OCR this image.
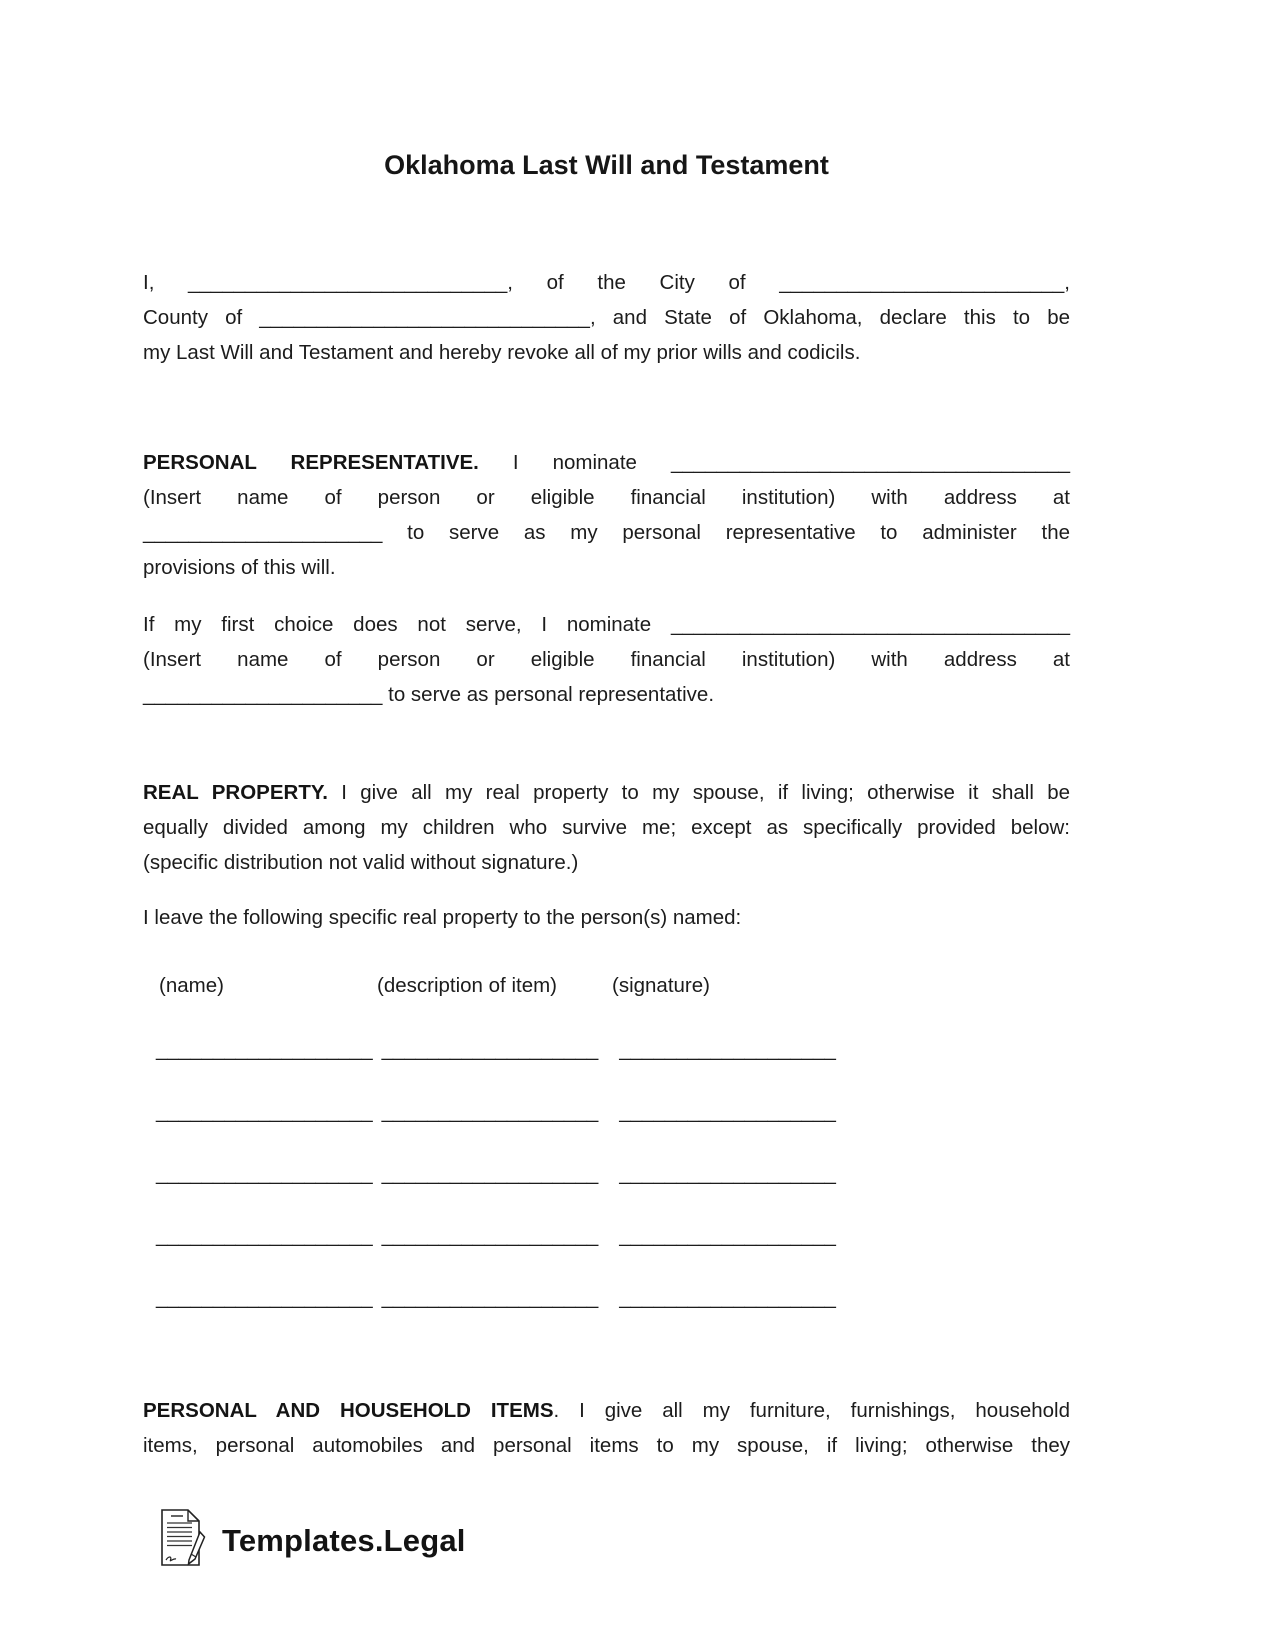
Oklahoma Last Will and Testament
I, ____________________________, of the City of _________________________,
County of _____________________________, and State of Oklahoma, declare this to be
my Last Will and Testament and hereby revoke all of my prior wills and codicils.
PERSONAL REPRESENTATIVE. I nominate ___________________________________
(Insert name of person or eligible financial institution) with address at
_____________________ to serve as my personal representative to administer the
provisions of this will.
If my first choice does not serve, I nominate ___________________________________
(Insert name of person or eligible financial institution) with address at
_____________________ to serve as personal representative.
REAL PROPERTY. I give all my real property to my spouse, if living; otherwise it shall be
equally divided among my children who survive me; except as specifically provided below:
(specific distribution not valid without signature.)
I leave the following specific real property to the person(s) named:
(name)	(description of item)	(signature)
___________________ ___________________ ___________________
___________________ ___________________ ___________________
___________________ ___________________ ___________________
___________________ ___________________ ___________________
___________________ ___________________ ___________________
PERSONAL AND HOUSEHOLD ITEMS. I give all my furniture, furnishings, household
items, personal automobiles and personal items to my spouse, if living; otherwise they
Templates.Legal
